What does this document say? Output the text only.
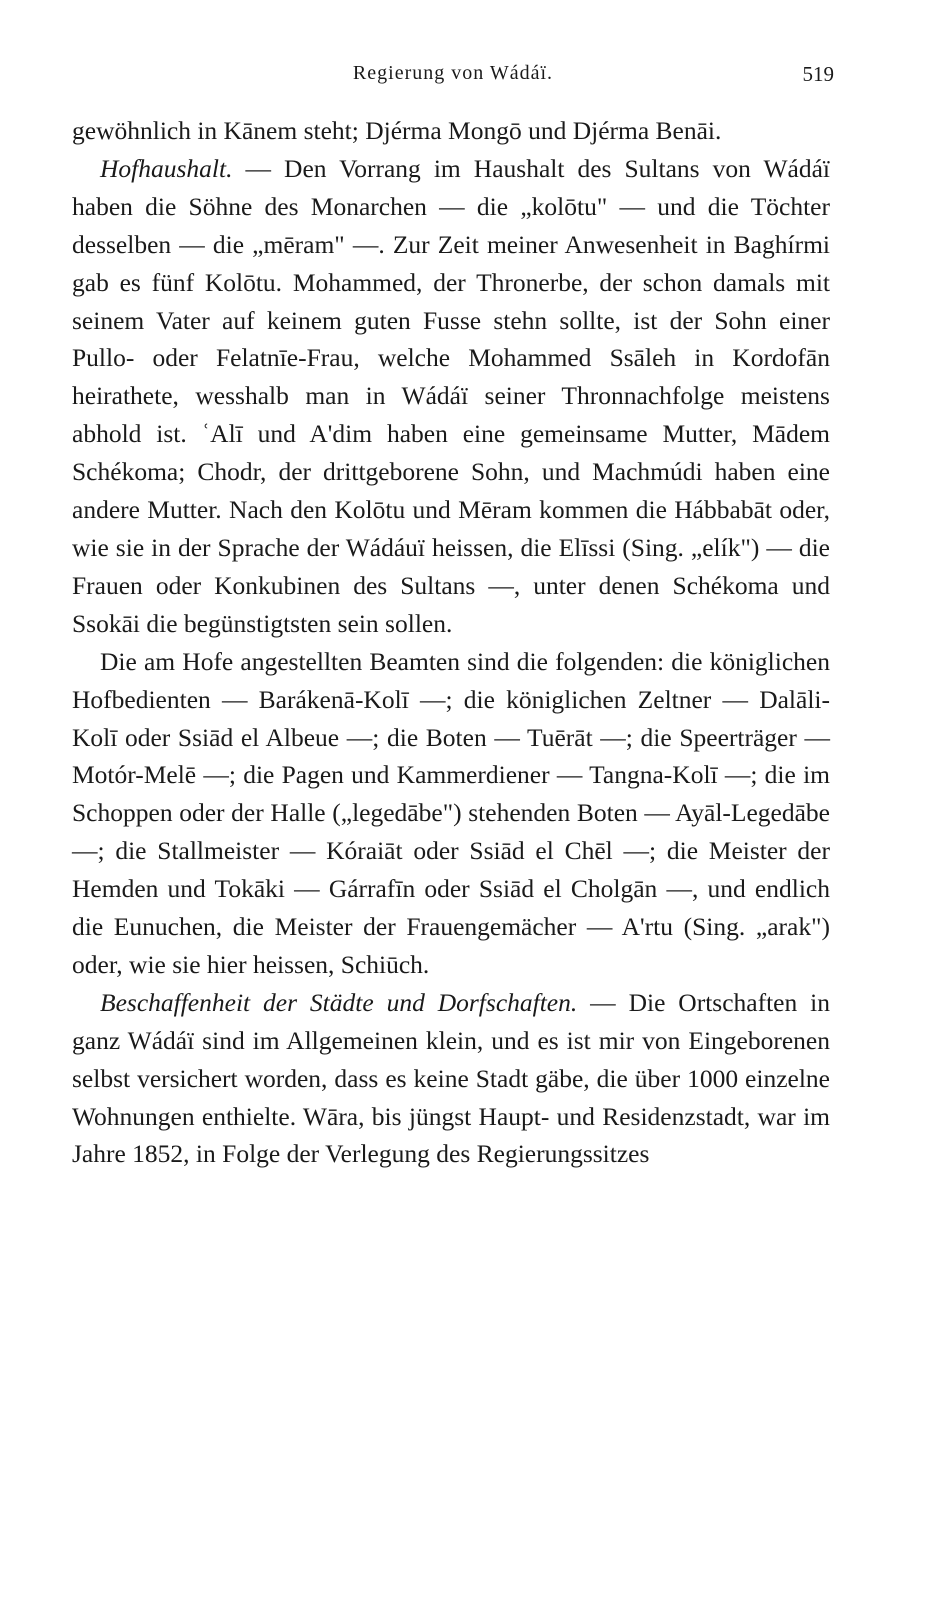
Regierung von Wádáï.	519

gewöhnlich in Kānem steht; Djérma Mongō und Djérma Benāi.

Hofhaushalt. — Den Vorrang im Haushalt des Sultans von Wádáï haben die Söhne des Monarchen — die „kolōtu" — und die Töchter desselben — die „mēram" —. Zur Zeit meiner Anwesenheit in Baghírmi gab es fünf Kolōtu. Mohammed, der Thronerbe, der schon damals mit seinem Vater auf keinem guten Fusse stehn sollte, ist der Sohn einer Pullo- oder Felatnīe-Frau, welche Mohammed Ssāleh in Kordofān heirathete, wesshalb man in Wádáï seiner Thronnachfolge meistens abhold ist. ʿAlī und A'dim haben eine gemeinsame Mutter, Mādem Schékoma; Chodr, der drittgeborene Sohn, und Machmúdi haben eine andere Mutter. Nach den Kolōtu und Mēram kommen die Hábbabāt oder, wie sie in der Sprache der Wádáuï heissen, die Elīssi (Sing. „elík") — die Frauen oder Konkubinen des Sultans —, unter denen Schékoma und Ssokāi die begünstigtsten sein sollen.

Die am Hofe angestellten Beamten sind die folgenden: die königlichen Hofbedienten — Barákenā-Kolī —; die königlichen Zeltner — Dalāli-Kolī oder Ssiād el Albeue —; die Boten — Tuērāt —; die Speerträger — Motór-Melē —; die Pagen und Kammerdiener — Tangna-Kolī —; die im Schoppen oder der Halle („legedābe") stehenden Boten — Ayāl-Legedābe —; die Stallmeister — Kóraiāt oder Ssiād el Chēl —; die Meister der Hemden und Tokāki — Gárrafīn oder Ssiād el Cholgān —, und endlich die Eunuchen, die Meister der Frauengemächer — A'rtu (Sing. „arak") oder, wie sie hier heissen, Schiūch.

Beschaffenheit der Städte und Dorfschaften. — Die Ortschaften in ganz Wádáï sind im Allgemeinen klein, und es ist mir von Eingeborenen selbst versichert worden, dass es keine Stadt gäbe, die über 1000 einzelne Wohnungen enthielte. Wāra, bis jüngst Haupt- und Residenzstadt, war im Jahre 1852, in Folge der Verlegung des Regierungssitzes
